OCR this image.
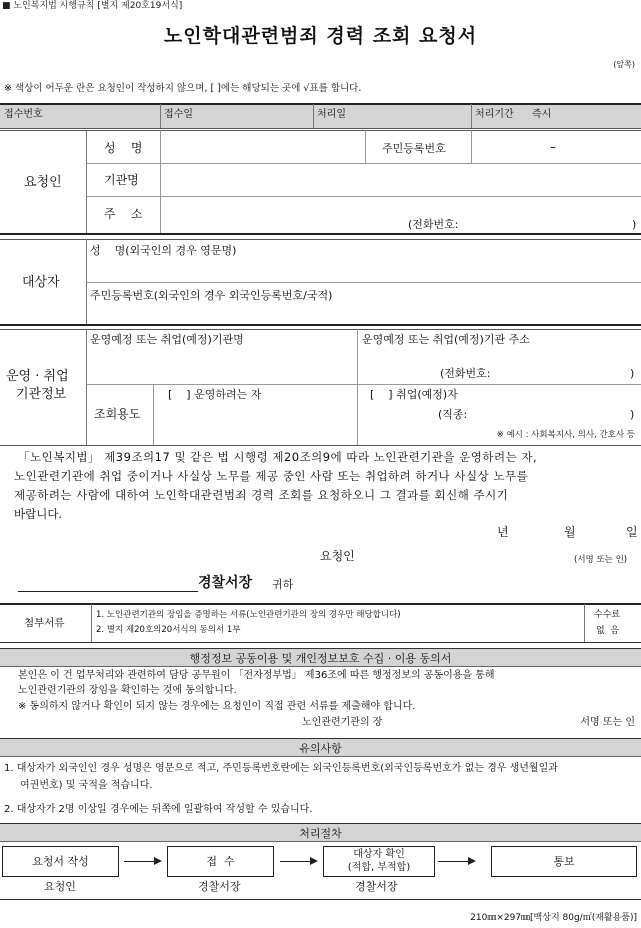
■ 노인복지법 시행규칙 [별지 제20호19서식]
노인학대관련범죄 경력 조회 요청서
(앞쪽)
※ 색상이 어두운 란은 요청인이 작성하지 않으며, [ ]에는 해당되는 곳에 √표를 합니다.
접수번호	접수일	처리일	처리기간 즉시
요청인
성    명	주민등록번호	–
기관명
주    소
(전화번호:	)
대상자
성    명(외국인의 경우 영문명)
주민등록번호(외국인의 경우 외국인등록번호/국적)
운영 · 취업
기관정보
운영예정 또는 취업(예정)기관명	운영예정 또는 취업(예정)기관 주소
(전화번호:	)
조회용도
[    ] 운영하려는 자	[    ] 취업(예정)자
(직종:	)
※ 예시 : 사회복지사, 의사, 간호사 등
「노인복지법」 제39조의17 및 같은 법 시행령 제20조의9에 따라 노인관련기관을 운영하려는 자,
노인관련기관에 취업 중이거나 사실상 노무를 제공 중인 사람 또는 취업하려 하거나 사실상 노무를
제공하려는 사람에 대하여 노인학대관련범죄 경력 조회를 요청하오니 그 결과를 회신해 주시기
바랍니다.
년	월	일
요청인	(서명 또는 인)
경찰서장 귀하
첨부서류
1. 노인관련기관의 장임을 증명하는 서류(노인관련기관의 장의 경우만 해당합니다)
2. 별지 제20호의20서식의 동의서 1부
수수료
없  음
행정정보 공동이용 및 개인정보보호 수집 · 이용 동의서
본인은 이 건 업무처리와 관련하여 담당 공무원이 「전자정부법」 제36조에 따른 행정정보의 공동이용을 통해
노인관련기관의 장임을 확인하는 것에 동의합니다.
※ 동의하지 않거나 확인이 되지 않는 경우에는 요청인이 직접 관련 서류를 제출해야 합니다.
노인관련기관의 장	서명 또는 인
유의사항
1. 대상자가 외국인인 경우 성명은 영문으로 적고, 주민등록번호란에는 외국인등록번호(외국인등록번호가 없는 경우 생년월일과
여권번호) 및 국적을 적습니다.
2. 대상자가 2명 이상일 경우에는 뒤쪽에 일괄하여 작성할 수 있습니다.
처리절차
요청서 작성	접  수
대상자 확인
(적합, 부적합)	통보
요청인	경찰서장	경찰서장
210㎜×297㎜[백상지 80g/㎡(재활용품)]
